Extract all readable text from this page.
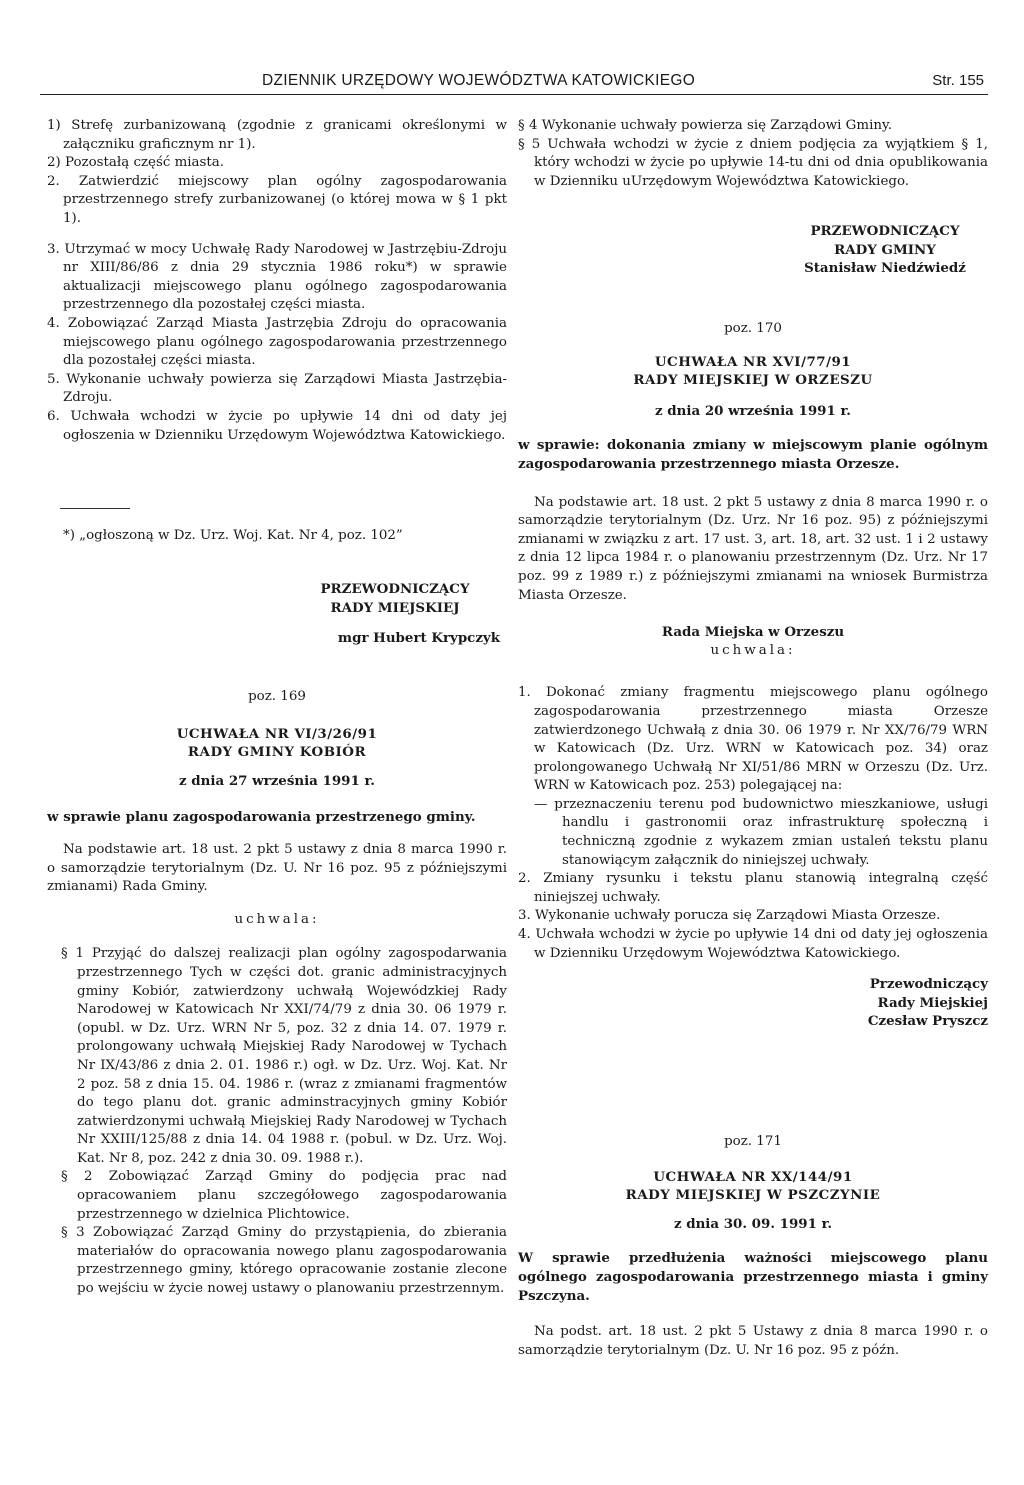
DZIENNIK URZĘDOWY WOJEWÓDZTWA KATOWICKIEGO	Str. 155

1) Strefę zurbanizowaną (zgodnie z granicami określonymi w załączniku graficznym nr 1).

2) Pozostałą część miasta.

2. Zatwierdzić miejscowy plan ogólny zagospodarowania przestrzennego strefy zurbanizowanej (o której mowa w § 1 pkt 1).

3. Utrzymać w mocy Uchwałę Rady Narodowej w Jastrzębiu-Zdroju nr XIII/86/86 z dnia 29 stycznia 1986 roku*) w sprawie aktualizacji miejscowego planu ogólnego zagospodarowania przestrzennego dla pozostałej części miasta.

4. Zobowiązać Zarząd Miasta Jastrzębia Zdroju do opracowania miejscowego planu ogólnego zagospodarowania przestrzennego dla pozostałej części miasta.

5. Wykonanie uchwały powierza się Zarządowi Miasta Jastrzębia-Zdroju.

6. Uchwała wchodzi w życie po upływie 14 dni od daty jej ogłoszenia w Dzienniku Urzędowym Województwa Katowickiego.

*) „ogłoszoną w Dz. Urz. Woj. Kat. Nr 4, poz. 102”
PRZEWODNICZĄCY
RADY MIEJSKIEJ
mgr Hubert Krypczyk
poz. 169
UCHWAŁA NR VI/3/26/91
RADY GMINY KOBIÓR
z dnia 27 września 1991 r.

w sprawie planu zagospodarowania przestrzenego gminy.

Na podstawie art. 18 ust. 2 pkt 5 ustawy z dnia 8 marca 1990 r. o samorządzie terytorialnym (Dz. U. Nr 16 poz. 95 z późniejszymi zmianami) Rada Gminy.

uchwala:

§ 1 Przyjąć do dalszej realizacji plan ogólny zagospodarwania przestrzennego Tych w części dot. granic administracyjnych gminy Kobiór, zatwierdzony uchwałą Wojewódzkiej Rady Narodowej w Katowicach Nr XXI/74/79 z dnia 30. 06 1979 r. (opubl. w Dz. Urz. WRN Nr 5, poz. 32 z dnia 14. 07. 1979 r. prolongowany uchwałą Miejskiej Rady Narodowej w Tychach Nr IX/43/86 z dnia 2. 01. 1986 r.) ogł. w Dz. Urz. Woj. Kat. Nr 2 poz. 58 z dnia 15. 04. 1986 r. (wraz z zmianami fragmentów do tego planu dot. granic adminstracyjnych gminy Kobiór zatwierdzonymi uchwałą Miejskiej Rady Narodowej w Tychach Nr XXIII/125/88 z dnia 14. 04 1988 r. (pobul. w Dz. Urz. Woj. Kat. Nr 8, poz. 242 z dnia 30. 09. 1988 r.).

§ 2 Zobowiązać Zarząd Gminy do podjęcia prac nad opracowaniem planu szczegółowego zagospodarowania przestrzennego w dzielnica Plichtowice.

§ 3 Zobowiązać Zarząd Gminy do przystąpienia, do zbierania materiałów do opracowania nowego planu zagospodarowania przestrzennego gminy, którego opracowanie zostanie zlecone po wejściu w życie nowej ustawy o planowaniu przestrzennym.

§ 4 Wykonanie uchwały powierza się Zarządowi Gminy.

§ 5 Uchwała wchodzi w życie z dniem podjęcia za wyjątkiem § 1, który wchodzi w życie po upływie 14-tu dni od dnia opublikowania w Dzienniku uUrzędowym Województwa Katowickiego.

PRZEWODNICZĄCY
RADY GMINY
Stanisław Niedźwiedź
poz. 170
UCHWAŁA NR XVI/77/91
RADY MIEJSKIEJ W ORZESZU
z dnia 20 września 1991 r.

w sprawie: dokonania zmiany w miejscowym planie ogólnym zagospodarowania przestrzennego miasta Orzesze.

Na podstawie art. 18 ust. 2 pkt 5 ustawy z dnia 8 marca 1990 r. o samorządzie terytorialnym (Dz. Urz. Nr 16 poz. 95) z późniejszymi zmianami w związku z art. 17 ust. 3, art. 18, art. 32 ust. 1 i 2 ustawy z dnia 12 lipca 1984 r. o planowaniu przestrzennym (Dz. Urz. Nr 17 poz. 99 z 1989 r.) z późniejszymi zmianami na wniosek Burmistrza Miasta Orzesze.

Rada Miejska w Orzeszu
uchwala:

1. Dokonać zmiany fragmentu miejscowego planu ogólnego zagospodarowania przestrzennego miasta Orzesze zatwierdzonego Uchwałą z dnia 30. 06 1979 r. Nr XX/76/79 WRN w Katowicach (Dz. Urz. WRN w Katowicach poz. 34) oraz prolongowanego Uchwałą Nr XI/51/86 MRN w Orzeszu (Dz. Urz. WRN w Katowicach poz. 253) polegającej na:

— przeznaczeniu terenu pod budownictwo mieszkaniowe, usługi handlu i gastronomii oraz infrastrukturę społeczną i techniczną zgodnie z wykazem zmian ustaleń tekstu planu stanowiącym załącznik do niniejszej uchwały.

2. Zmiany rysunku i tekstu planu stanowią integralną część niniejszej uchwały.

3. Wykonanie uchwały porucza się Zarządowi Miasta Orzesze.

4. Uchwała wchodzi w życie po upływie 14 dni od daty jej ogłoszenia w Dzienniku Urzędowym Województwa Katowickiego.

Przewodniczący
Rady Miejskiej
Czesław Pryszcz
poz. 171
UCHWAŁA NR XX/144/91
RADY MIEJSKIEJ W PSZCZYNIE
z dnia 30. 09. 1991 r.

W sprawie przedłużenia ważności miejscowego planu ogólnego zagospodarowania przestrzennego miasta i gminy Pszczyna.

Na podst. art. 18 ust. 2 pkt 5 Ustawy z dnia 8 marca 1990 r. o samorządzie terytorialnym (Dz. U. Nr 16 poz. 95 z późn.
